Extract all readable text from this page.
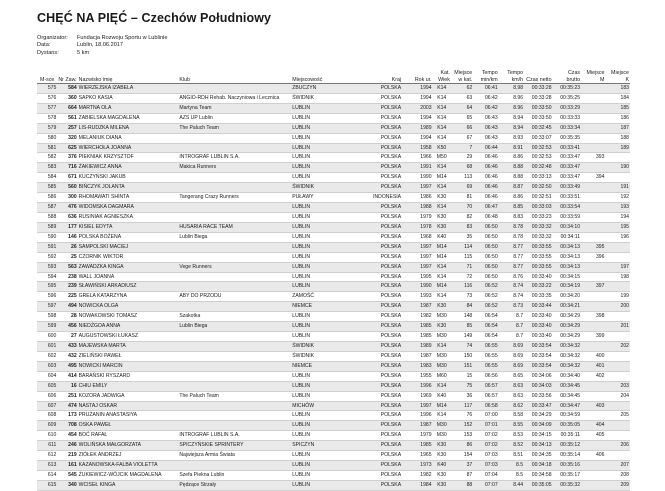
CHĘĆ NA PIĘĆ – Czechów Południowy
Organizator:	Fundacja Rozwoju Sportu w Lublinie
Data:	Lublin, 18.06.2017
Dystans:	5 km
M-sce	Nr Zaw.	Nazwisko imię	Klub	Miejscowość	Kraj	Rok ur.	Kat. Wiek	Miejsce w kat.	Tempo min/km	Tempo km/h	Czas netto	Czas brutto	Miejsce M	Miejsce K
575	584	WIERZEJSKA IZABELA		ZBUCZYN	POLSKA	1994	K14	62	06:41	8.98	00:33:28	00:35:23		183
576	360	SAPKO KASIA	ANGIO-RDH Rehab. Naczyniowa i Lecznica	ŚWIDNIK	POLSKA	1994	K14	63	06:42	8.96	00:33:28	00:35:25		184
577	664	MARTNA OLA	Martyna Team	LUBLIN	POLSKA	2003	K14	64	06:42	8.96	00:33:50	00:33:29		185
578	561	ZABIELSKA MAGDALENA	AZS UP Lublin	LUBLIN	POLSKA	1994	K14	65	06:43	8.94	00:33:50	00:33:33		186
579	257	LIS-RUDZKA MILENA	The Paluch Team	LUBLIN	POLSKA	1989	K14	66	06:43	8.94	00:32:45	00:33:34		187
580	320	MELANIUK DIANA		LUBLIN	POLSKA	1994	K14	67	06:43	8.93	00:33:07	00:35:35		188
581	625	WIERCHOŁA JOANNA		LUBLIN	POLSKA	1958	K50	7	06:44	8.91	00:32:53	00:33:41		189
582	376	PIEKNIAK KRZYSZTOF	INTROGRAF LUBLIN S.A.	LUBLIN	POLSKA	1966	M50	29	06:46	8.86	00:32:53	00:33:47	393	
583	716	ŻAKIEWICZ ANNA	Makica Runners	LUBLIN	POLSKA	1991	K14	68	06:46	8.88	00:32:48	00:33:47		190
584	671	KUCZYŃSKI JAKUB		LUBLIN	POLSKA	1990	M14	113	06:46	8.88	00:33:13	00:33:47	394	
585	560	BIŃCZYK JOLANTA		ŚWIDNIK	POLSKA	1997	K14	69	06:46	8.87	00:32:50	00:33:49		191
586	300	RHOMAWATI SHINTA	Tangerang Crazy Runners	PUŁAWY	INDONESIA	1986	K30	81	06:46	8.86	00:32:51	00:33:51		192
587	476	WIDOMSKA DAGMARA		LUBLIN	POLSKA	1988	K14	70	06:47	8.85	00:33:03	00:33:54		193
588	636	RUSINIAK AGNIESZKA		LUBLIN	POLSKA	1979	K30	82	06:48	8.83	00:33:23	00:33:59		194
589	177	KISIEL EDYTA	HUSARIA RACE TEAM	LUBLIN	POLSKA	1978	K30	83	06:50	8.78	00:33:32	00:34:10		195
590	146	POLSKA BOŻENA	Lublin Biega	LUBLIN	POLSKA	1968	K40	35	06:50	8.78	00:33:32	00:34:11		196
591	26	SAMPOLSKI MACIEJ		LUBLIN	POLSKA	1997	M14	114	06:50	8.77	00:33:55	00:34:13	395	
592	25	CZORNIK WIKTOR		LUBLIN	POLSKA	1997	M14	115	06:50	8.77	00:33:55	00:34:13	396	
593	563	ZAWADZKA KINGA	Vege Runners	LUBLIN	POLSKA	1997	K14	71	06:50	8.77	00:33:55	00:34:13		197
594	238	WALL JOANNA		LUBLIN	POLSKA	1995	K14	72	06:50	8.76	00:33:40	00:34:15		198
595	239	SŁAWIŃSKI ARKADIUSZ		LUBLIN	POLSKA	1990	M14	116	06:52	8.74	00:33:22	00:34:19	397	
596	225	GRELA KATARZYNA	ABY DO PRZODU	ZAMOŚĆ	POLSKA	1993	K14	73	06:52	8.74	00:33:35	00:34:20		199
597	494	NOWICKA OLGA		NIEMCE	POLSKA	1987	K30	84	06:52	8.73	00:33:44	00:34:21		200
598	28	NOWAKOWSKI TOMASZ	Szakotka	LUBLIN	POLSKA	1982	M30	148	06:54	8.7	00:33:40	00:34:29	398	
599	456	NIEDŹGOA ANNA	Lublin Biega	LUBLIN	POLSKA	1985	K30	85	06:54	8.7	00:33:40	00:34:29		201
600	27	AUGUSTOWSKI ŁUKASZ		LUBLIN	POLSKA	1985	M30	149	06:54	8.7	00:33:40	00:34:29	399	
601	433	MAJEWSKA MARTA		ŚWIDNIK	POLSKA	1989	K14	74	06:55	8.69	00:33:54	00:34:32		202
602	432	ZIELIŃSKI PAWEŁ		ŚWIDNIK	POLSKA	1987	M30	150	06:55	8.69	00:33:54	00:34:32	400	
603	495	NOWICKI MARCIN		NIEMCE	POLSKA	1983	M30	151	06:55	8.69	00:33:54	00:34:32	401	
604	414	BARAŃSKI RYSZARD		LUBLIN	POLSKA	1955	M60	15	06:56	8.65	00:34:06	00:34:40	402	
605	16	CHIU EMILY		LUBLIN	POLSKA	1996	K14	75	06:57	8.63	00:34:03	00:34:45		203
606	251	KOZORA JADWIGA	The Paluch Team	LUBLIN	POLSKA	1969	K40	36	06:57	8.63	00:33:56	00:34:45		204
607	474	NASTAJ OSKAR		MICHÓW	POLSKA	1997	M14	117	06:58	8.62	00:33:47	00:34:47	403	
608	173	PRUŻANIN ANASTASIYA		LUBLIN	POLSKA	1996	K14	76	07:00	8.58	00:34:29	00:34:59		205
609	708	OSKA PAWEŁ		LUBLIN	POLSKA	1987	M30	152	07:01	8.55	00:34:09	00:35:05	404	
610	454	BOĆ RAFAŁ	INTROGRAF LUBLIN S.A.	LUBLIN	POLSKA	1979	M30	153	07:02	8.53	00:34:15	00:35:11	405	
611	246	WOLIŃSKA MAŁGORZATA	SPICZYŃSKIE SPRINTERY	SPICZYN	POLSKA	1985	K30	86	07:02	8.52	00:34:13	00:35:12		206
612	219	ZIÓŁEK ANDRZEJ	Najwiejsza Armia Świata	LUBLIN	POLSKA	1965	K30	154	07:03	8.51	00:34:35	00:35:14	406	
613	161	KAZANOWSKA-FALBA VIOLETTA		LUBLIN	POLSKA	1973	K40	37	07:03	8.5	00:34:18	00:35:16		207
614	545	ŻUKIEWICZ-WÓJCIK MAGDALENA	Szefa Piekna Lublin	LUBLIN	POLSKA	1982	K30	87	07:04	8.5	00:34:58	00:35:17		208
615	340	WCISEŁ KINGA	Pędzące Strzały	LUBLIN	POLSKA	1984	K30	88	07:07	8.44	00:35:05	00:35:32		209
